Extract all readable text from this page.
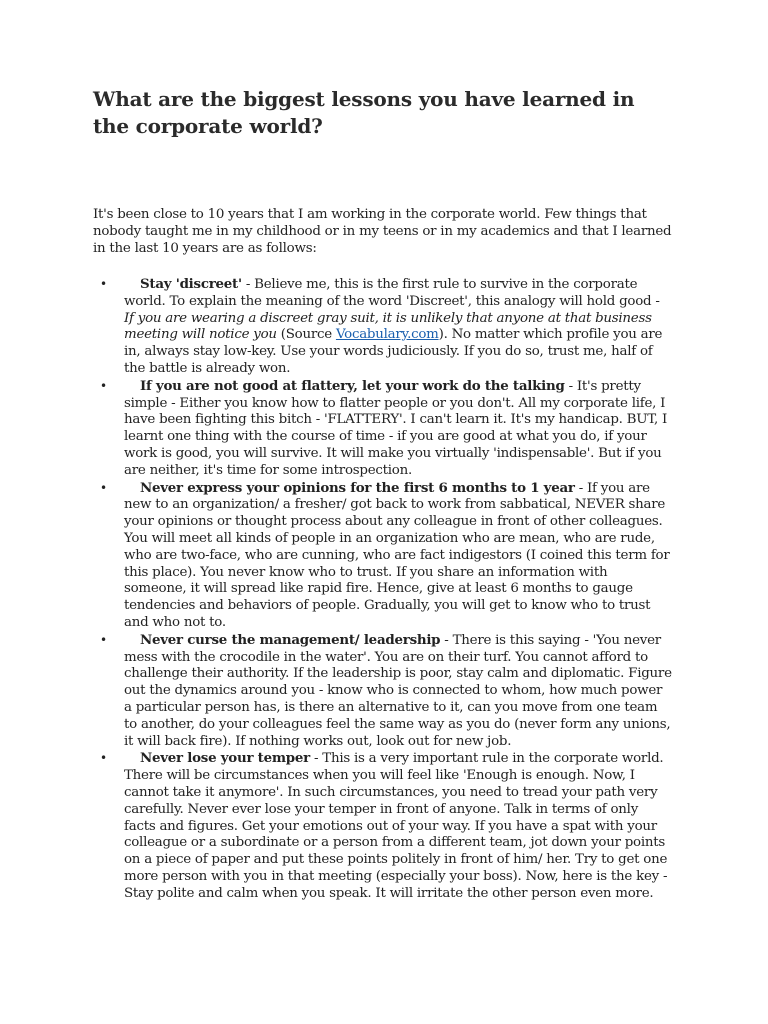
What are the biggest lessons you have learned in the corporate world?

It's been close to 10 years that I am working in the corporate world. Few things that nobody taught me in my childhood or in my teens or in my academics and that I learned in the last 10 years are as follows:

• Stay 'discreet' - Believe me, this is the first rule to survive in the corporate world. To explain the meaning of the word 'Discreet', this analogy will hold good - If you are wearing a discreet gray suit, it is unlikely that anyone at that business meeting will notice you (Source Vocabulary.com). No matter which profile you are in, always stay low-key. Use your words judiciously. If you do so, trust me, half of the battle is already won.
• If you are not good at flattery, let your work do the talking - It's pretty simple - Either you know how to flatter people or you don't. All my corporate life, I have been fighting this bitch - 'FLATTERY'. I can't learn it. It's my handicap. BUT, I learnt one thing with the course of time - if you are good at what you do, if your work is good, you will survive. It will make you virtually 'indispensable'. But if you are neither, it's time for some introspection.
• Never express your opinions for the first 6 months to 1 year - If you are new to an organization/ a fresher/ got back to work from sabbatical, NEVER share your opinions or thought process about any colleague in front of other colleagues. You will meet all kinds of people in an organization who are mean, who are rude, who are two-face, who are cunning, who are fact indigestors (I coined this term for this place). You never know who to trust. If you share an information with someone, it will spread like rapid fire. Hence, give at least 6 months to gauge tendencies and behaviors of people. Gradually, you will get to know who to trust and who not to.
• Never curse the management/ leadership - There is this saying - 'You never mess with the crocodile in the water'. You are on their turf. You cannot afford to challenge their authority. If the leadership is poor, stay calm and diplomatic. Figure out the dynamics around you - know who is connected to whom, how much power a particular person has, is there an alternative to it, can you move from one team to another, do your colleagues feel the same way as you do (never form any unions, it will back fire). If nothing works out, look out for new job.
• Never lose your temper - This is a very important rule in the corporate world. There will be circumstances when you will feel like 'Enough is enough. Now, I cannot take it anymore'. In such circumstances, you need to tread your path very carefully. Never ever lose your temper in front of anyone. Talk in terms of only facts and figures. Get your emotions out of your way. If you have a spat with your colleague or a subordinate or a person from a different team, jot down your points on a piece of paper and put these points politely in front of him/ her. Try to get one more person with you in that meeting (especially your boss). Now, here is the key - Stay polite and calm when you speak. It will irritate the other person even more.
